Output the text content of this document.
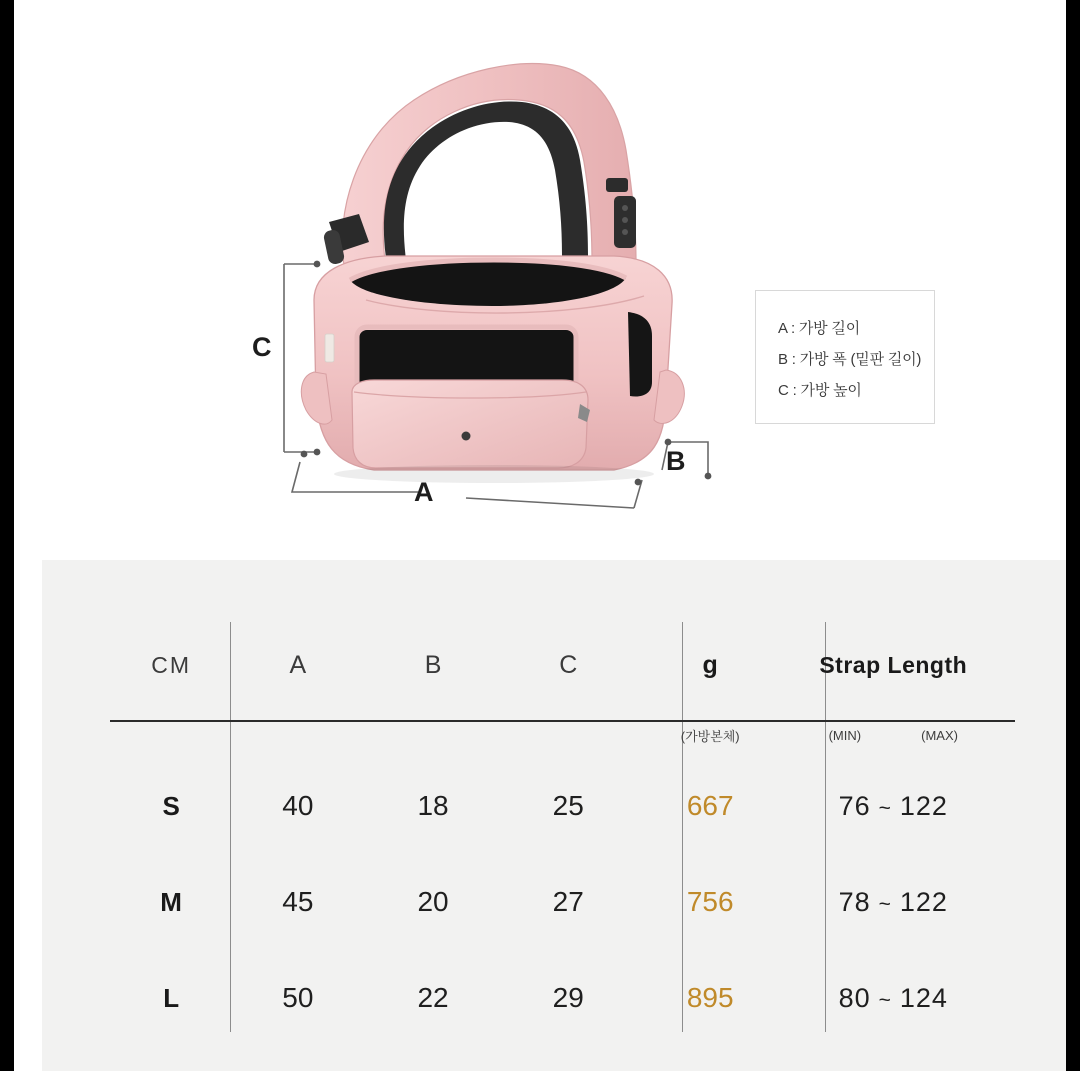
C
A
B
A : 가방 길이
B : 가방 폭 (밑판 길이)
C : 가방 높이
CM	A	B	C	g	Strap Length
				(가방본체)	(MIN) (MAX)

S	40	18	25	667	76 ~ 122
M	45	20	27	756	78 ~ 122
L	50	22	29	895	80 ~ 124
